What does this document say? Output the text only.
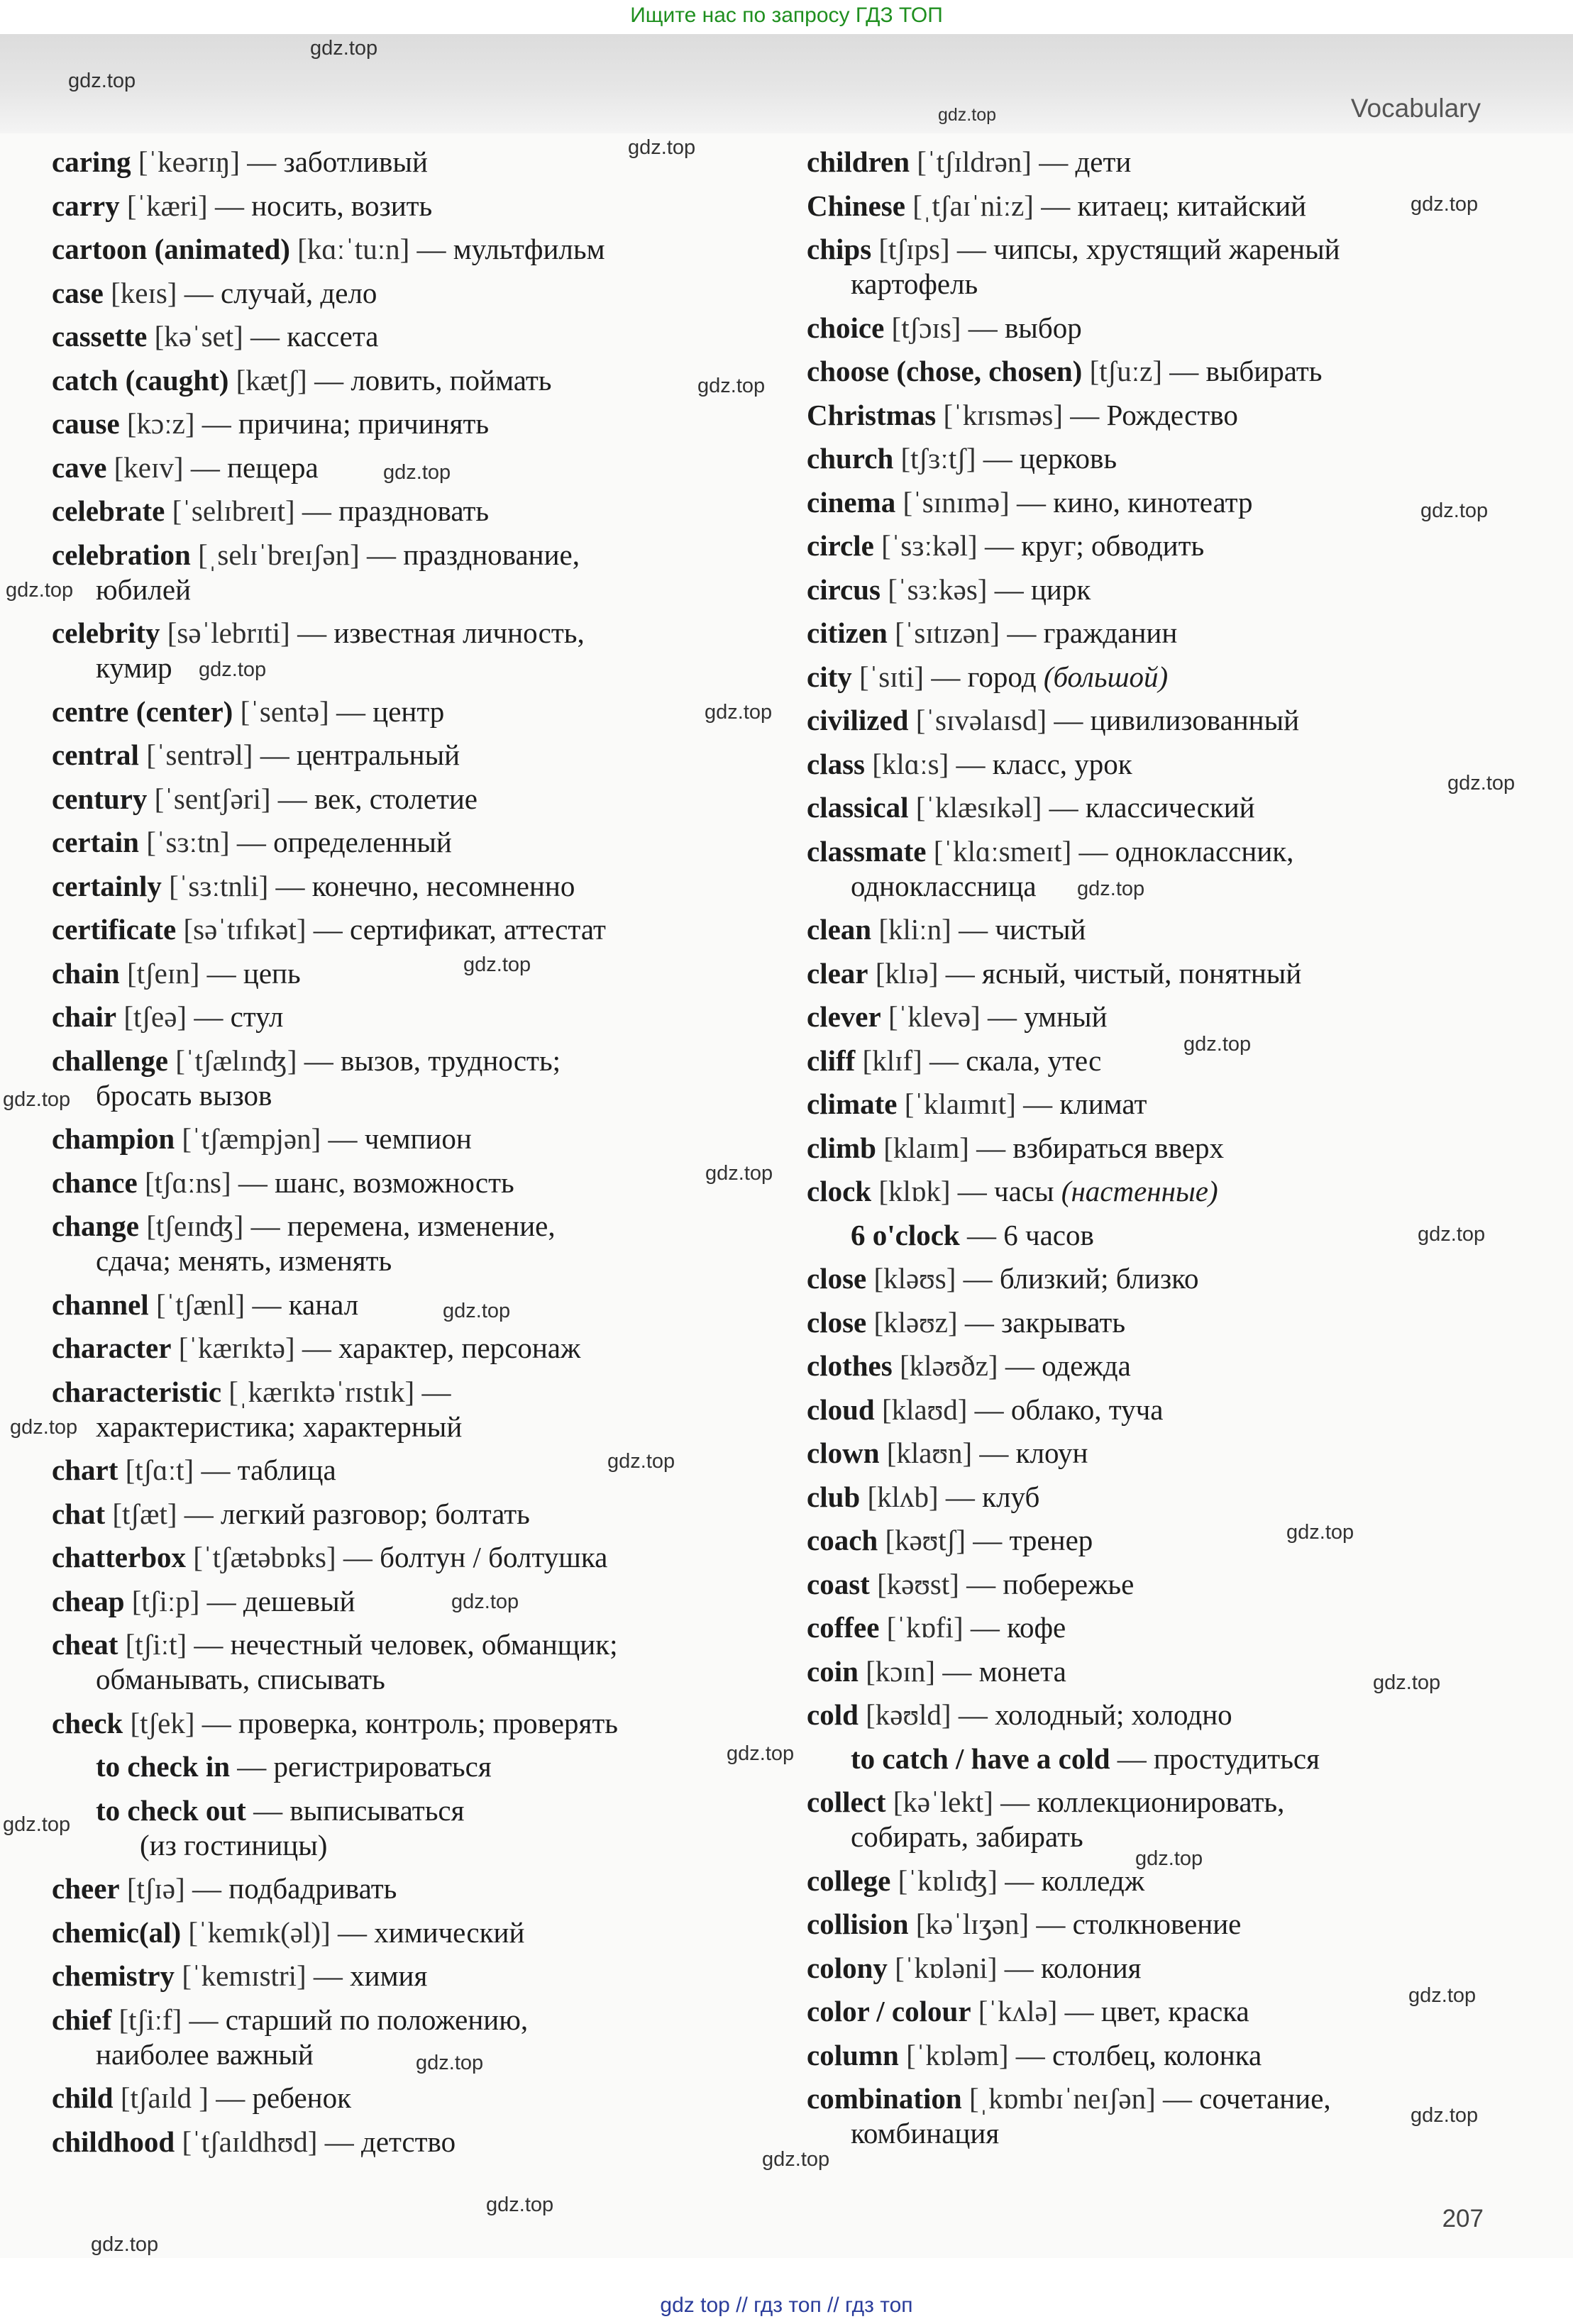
Ищите нас по запросу ГДЗ ТОП
Vocabulary
caring [ˈkeərɪŋ] — заботливый
carry [ˈkæri] — носить, возить
cartoon (animated) [kɑːˈtuːn] — мультфильм
case [keɪs] — случай, дело
cassette [kəˈset] — кассета
catch (caught) [kætʃ] — ловить, поймать
cause [kɔːz] — причина; причинять
cave [keɪv] — пещера
celebrate [ˈselɪbreɪt] — праздновать
celebration [ˌselɪˈbreɪʃən] — празднование,
юбилей
celebrity [səˈlebrɪti] — известная личность,
кумир
centre (center) [ˈsentə] — центр
central [ˈsentrəl] — центральный
century [ˈsentʃəri] — век, столетие
certain [ˈsɜːtn] — определенный
certainly [ˈsɜːtnli] — конечно, несомненно
certificate [səˈtɪfɪkət] — сертификат, аттестат
chain [tʃeɪn] — цепь
chair [tʃeə] — стул
challenge [ˈtʃælɪnʤ] — вызов, трудность;
бросать вызов
champion [ˈtʃæmpjən] — чемпион
chance [tʃɑːns] — шанс, возможность
change [tʃeɪnʤ] — перемена, изменение,
сдача; менять, изменять
channel [ˈtʃænl] — канал
character [ˈkærɪktə] — характер, персонаж
characteristic [ˌkærɪktəˈrɪstɪk] —
характеристика; характерный
chart [tʃɑːt] — таблица
chat [tʃæt] — легкий разговор; болтать
chatterbox [ˈtʃætəbɒks] — болтун / болтушка
cheap [tʃiːp] — дешевый
cheat [tʃiːt] — нечестный человек, обманщик;
обманывать, списывать
check [tʃek] — проверка, контроль; проверять
to check in — регистрироваться
to check out — выписываться
(из гостиницы)
cheer [tʃɪə] — подбадривать
chemic(al) [ˈkemɪk(əl)] — химический
chemistry [ˈkemɪstri] — химия
chief [tʃiːf] — старший по положению,
наиболее важный
child [tʃaɪld ] — ребенок
childhood [ˈtʃaɪldhʊd] — детство
children [ˈtʃɪldrən] — дети
Chinese [ˌtʃaɪˈniːz] — китаец; китайский
chips [tʃɪps] — чипсы, хрустящий жареный
картофель
choice [tʃɔɪs] — выбор
choose (chose, chosen) [tʃuːz] — выбирать
Christmas [ˈkrɪsməs] — Рождество
church [tʃɜːtʃ] — церковь
cinema [ˈsɪnɪmə] — кино, кинотеатр
circle [ˈsɜːkəl] — круг; обводить
circus [ˈsɜːkəs] — цирк
citizen [ˈsɪtɪzən] — гражданин
city [ˈsɪti] — город (большой)
civilized [ˈsɪvəlaɪsd] — цивилизованный
class [klɑːs] — класс, урок
classical [ˈklæsɪkəl] — классический
classmate [ˈklɑːsmeɪt] — одноклассник,
одноклассница
clean [kliːn] — чистый
clear [klɪə] — ясный, чистый, понятный
clever [ˈklevə] — умный
cliff [klɪf] — скала, утес
climate [ˈklaɪmɪt] — климат
climb [klaɪm] — взбираться вверх
clock [klɒk] — часы (настенные)
6 o'clock — 6 часов
close [kləʊs] — близкий; близко
close [kləʊz] — закрывать
clothes [kləʊðz] — одежда
cloud [klaʊd] — облако, туча
clown [klaʊn] — клоун
club [klʌb] — клуб
coach [kəʊtʃ] — тренер
coast [kəʊst] — побережье
coffee [ˈkɒfi] — кофе
coin [kɔɪn] — монета
cold [kəʊld] — холодный; холодно
to catch / have a cold — простудиться
collect [kəˈlekt] — коллекционировать,
собирать, забирать
college [ˈkɒlɪʤ] — колледж
collision [kəˈlɪʒən] — столкновение
colony [ˈkɒləni] — колония
color / colour [ˈkʌlə] — цвет, краска
column [ˈkɒləm] — столбец, колонка
combination [ˌkɒmbɪˈneɪʃən] — сочетание,
комбинация
207
gdz top // гдз топ // гдз топ
gdz.top
gdz.top
gdz.top
gdz.top
gdz.top
gdz.top
gdz.top
gdz.top
gdz.top
gdz.top
gdz.top
gdz.top
gdz.top
gdz.top
gdz.top
gdz.top
gdz.top
gdz.top
gdz.top
gdz.top
gdz.top
gdz.top
gdz.top
gdz.top
gdz.top
gdz.top
gdz.top
gdz.top
gdz.top
gdz.top
gdz.top
gdz.top
gdz.top
